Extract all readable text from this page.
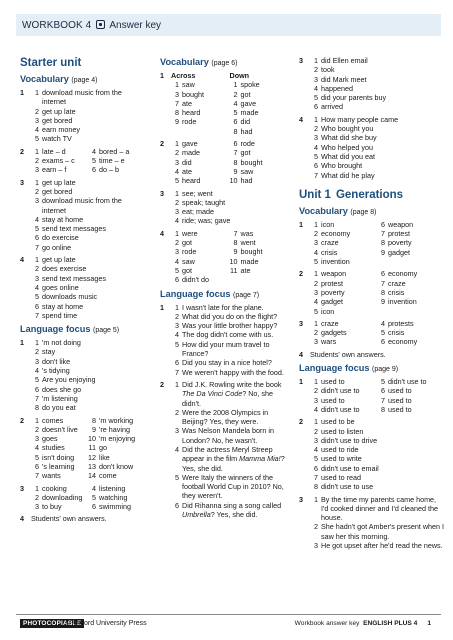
WORKBOOK 4 Answer key
Starter unit
Vocabulary (page 4)
1	1 download music from the internet
2 get up late
3 get bored
4 earn money
5 watch TV
2	1 late – d	4 bored – a
2 exams – c	5 time – e
3 earn – f	6 do – b
3	1 get up late
2 get bored
3 download music from the internet
4 stay at home
5 send text messages
6 do exercise
7 go online
4	1 get up late
2 does exercise
3 send text messages
4 goes online
5 downloads music
6 stay at home
7 spend time
Language focus (page 5)
1	1 'm not doing
2 stay
3 don't like
4 's tidying
5 Are you enjoying
6 does she go
7 'm listening
8 do you eat
2	1 comes	8 'm working
2 doesn't live	9 're having
3 goes	10 'm enjoying
4 studies	11 go
5 isn't doing	12 like
6 's learning	13 don't know
7 wants	14 come
3	1 cooking	4 listening
2 downloading	5 watching
3 to buy	6 swimming
4 Students' own answers.
Vocabulary (page 6)
1 Across
1 saw
3 bought
7 ate
8 heard
9 rode
Down
1 spoke
2 got
4 gave
5 made
6 did
8 had
2	1 gave	6 rode
2 made	7 got
3 did	8 bought
4 ate	9 saw
5 heard	10 had
3	1 see; went
2 speak; taught
3 eat; made
4 ride; was; gave
4	1 were	7 was
2 got	8 went
3 rode	9 bought
4 saw	10 made
5 got	11 ate
6 didn't do
Language focus (page 7)
1	1 I wasn't late for the plane.
2 What did you do on the flight?
3 Was your little brother happy?
4 The dog didn't come with us.
5 How did your mum travel to France?
6 Did you stay in a nice hotel?
7 We weren't happy with the food.
2	1 Did J.K. Rowling write the book The Da Vinci Code? No, she didn't.
2 Were the 2008 Olympics in Beijing? Yes, they were.
3 Was Nelson Mandela born in London? No, he wasn't.
4 Did the actress Meryl Streep appear in the film Mamma Mia!? Yes, she did.
5 Were Italy the winners of the football World Cup in 2010? No, they weren't.
6 Did Rihanna sing a song called Umbrella? Yes, she did.
3	1 did Ellen email
2 took
3 did Mark meet
4 happened
5 did your parents buy
6 arrived
4	1 How many people came
2 Who bought you
3 What did she buy
4 Who helped you
5 What did you eat
6 Who brought
7 What did he play
Unit 1 Generations
Vocabulary (page 8)
1	1 icon	6 weapon
2 economy	7 protest
3 craze	8 poverty
4 crisis	9 gadget
5 invention
2	1 weapon	6 economy
2 protest	7 craze
3 poverty	8 crisis
4 gadget	9 invention
5 icon
3	1 craze	4 protests
2 gadgets	5 crisis
3 wars	6 economy
4 Students' own answers.
Language focus (page 9)
1	1 used to	5 didn't use to
2 didn't use to	6 used to
3 used to	7 used to
4 didn't use to	8 used to
2	1 used to be
2 used to listen
3 didn't use to drive
4 used to ride
5 used to write
6 didn't use to email
7 used to read
8 didn't use to use
3	1 By the time my parents came home, I'd cooked dinner and I'd cleaned the house.
2 She hadn't got Amber's present when I saw her this morning.
3 He got upset after he'd read the news.
PHOTOCOPIABLE
© Oxford University Press	Workbook answer key ENGLISH PLUS 4 1
